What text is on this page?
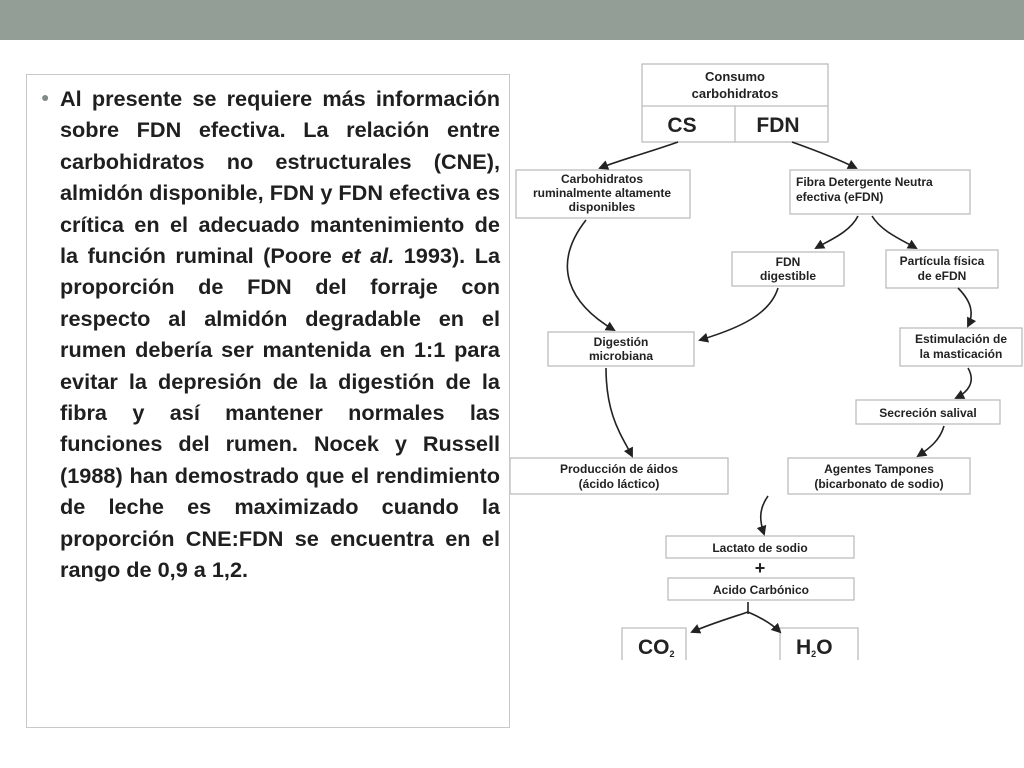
● Al presente se requiere más información sobre FDN efectiva. La relación entre carbohidratos no estructurales (CNE), almidón disponible, FDN y FDN efectiva es crítica en el adecuado mantenimiento de la función ruminal (Poore et al. 1993). La proporción de FDN del forraje con respecto al almidón degradable en el rumen debería ser mantenida en 1:1 para evitar la depresión de la digestión de la fibra y así mantener normales las funciones del rumen. Nocek y Russell (1988) han demostrado que el rendimiento de leche es maximizado cuando la proporción CNE:FDN se encuentra en el rango de 0,9 a 1,2.
Consumo
carbohidratos
CS	FDN
Carbohidratos
ruminalmente altamente
disponibles
Fibra Detergente Neutra
efectiva (eFDN)
FDN
digestible
Partícula física
de eFDN
Digestión
microbiana
Estimulación de
la masticación
Secreción salival
Producción de áidos
(ácido láctico)
Agentes Tampones
(bicarbonato de sodio)
Lactato de sodio
+
Acido Carbónico
CO2	H2O
